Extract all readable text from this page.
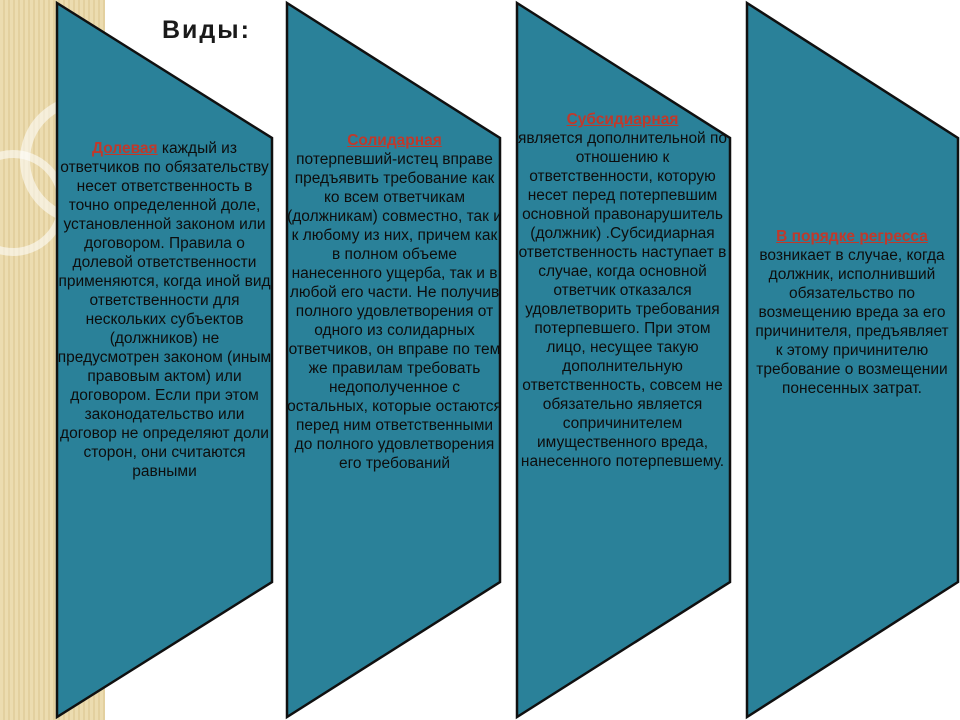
Виды:
Долевая каждый из ответчиков по обязательству несет ответственность в точно определенной доле, установленной законом или договором. Правила о долевой ответственности применяются, когда иной вид ответственности для нескольких субъектов (должников) не предусмотрен законом (иным правовым актом) или договором. Если при этом законодательство или договор не определяют доли сторон, они считаются равными
Солидарная
потерпевший-истец вправе предъявить требование как ко всем ответчикам (должникам) совместно, так и к любому из них, причем как в полном объеме нанесенного ущерба, так и в любой его части. Не получив полного удовлетворения от одного из солидарных ответчиков, он вправе по тем же правилам требовать недополученное с остальных, которые остаются перед ним ответственными до полного удовлетворения его требований
Субсидиарная
является дополнительной по отношению к ответственности, которую несет перед потерпевшим основной правонарушитель (должник) .Субсидиарная ответственность наступает в случае, когда основной ответчик отказался удовлетворить требования потерпевшего. При этом лицо, несущее такую дополнительную ответственность, совсем не обязательно является сопричинителем имущественного вреда, нанесенного потерпевшему.
В порядке регресса
возникает в случае, когда должник, исполнивший обязательство по возмещению вреда за его причинителя, предъявляет к этому причинителю требование о возмещении понесенных затрат.
